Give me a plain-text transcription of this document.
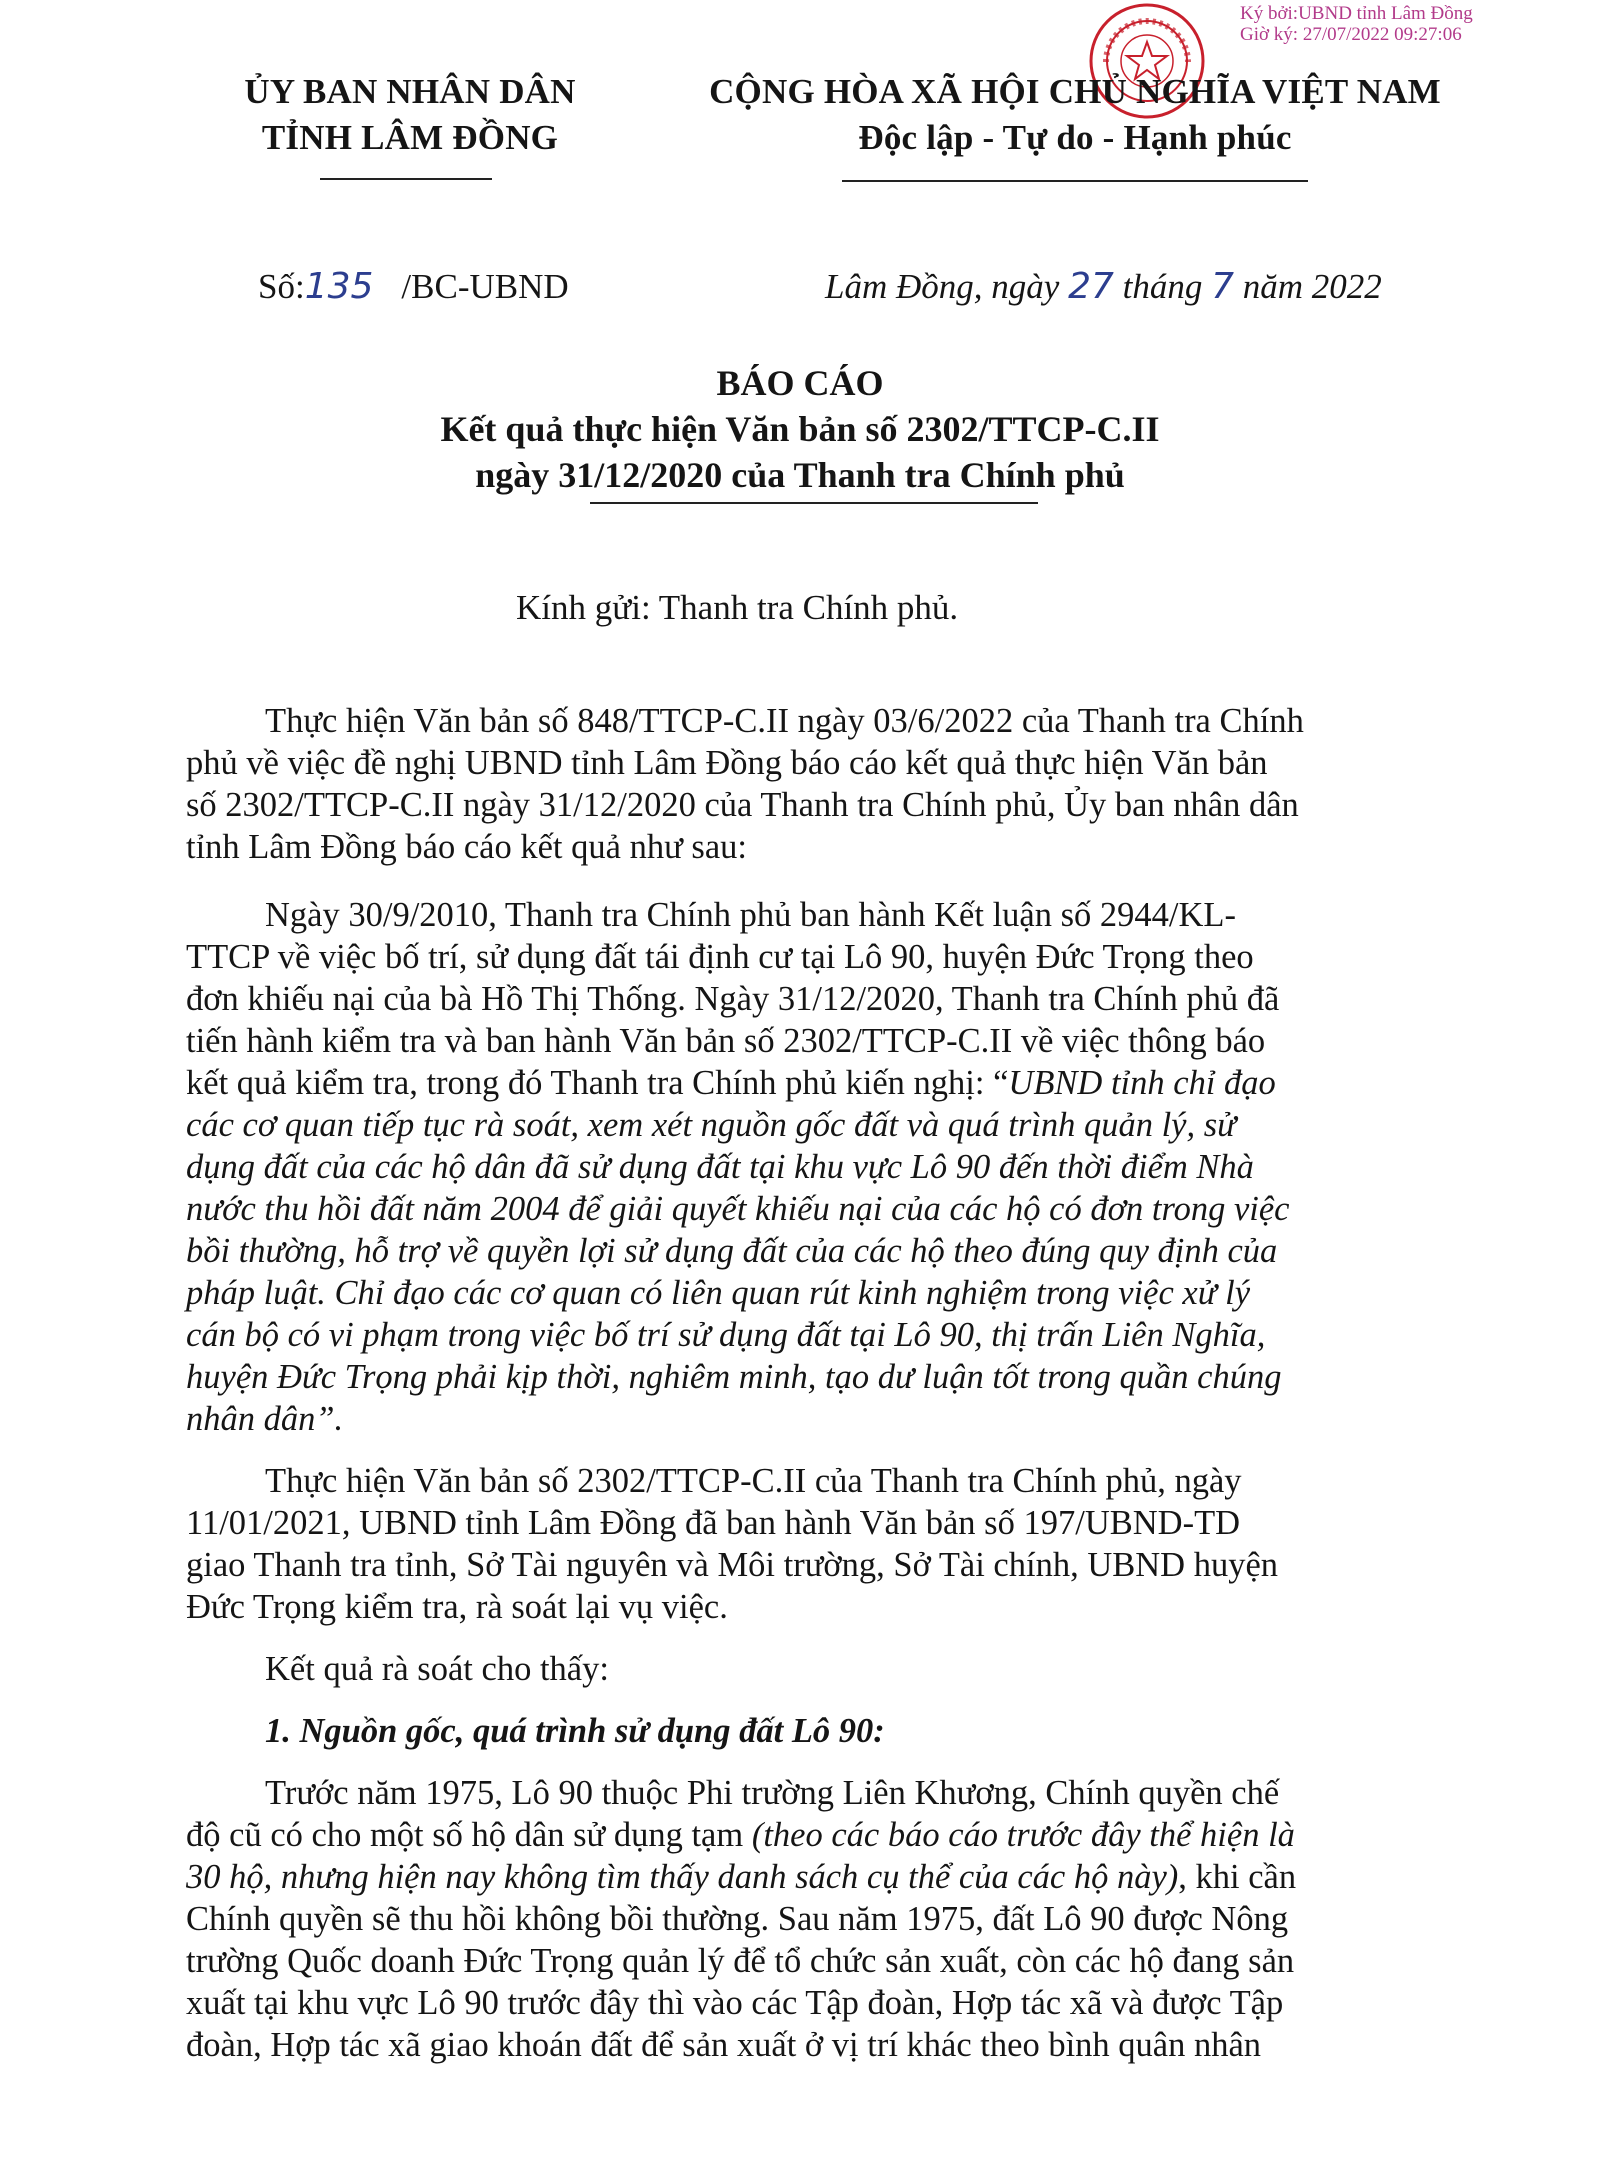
Ký bởi:UBND tỉnh Lâm Đồng
Giờ ký: 27/07/2022 09:27:06
ỦY BAN NHÂN DÂN
TỈNH LÂM ĐỒNG
CỘNG HÒA XÃ HỘI CHỦ NGHĨA VIỆT NAM
Độc lập - Tự do - Hạnh phúc
Số:135 /BC-UBND	Lâm Đồng, ngày 27 tháng 7 năm 2022
BÁO CÁO
Kết quả thực hiện Văn bản số 2302/TTCP-C.II
ngày 31/12/2020 của Thanh tra Chính phủ
Kính gửi: Thanh tra Chính phủ.
Thực hiện Văn bản số 848/TTCP-C.II ngày 03/6/2022 của Thanh tra Chính
phủ về việc đề nghị UBND tỉnh Lâm Đồng báo cáo kết quả thực hiện Văn bản
số 2302/TTCP-C.II ngày 31/12/2020 của Thanh tra Chính phủ, Ủy ban nhân dân
tỉnh Lâm Đồng báo cáo kết quả như sau:
Ngày 30/9/2010, Thanh tra Chính phủ ban hành Kết luận số 2944/KL-
TTCP về việc bố trí, sử dụng đất tái định cư tại Lô 90, huyện Đức Trọng theo
đơn khiếu nại của bà Hồ Thị Thống. Ngày 31/12/2020, Thanh tra Chính phủ đã
tiến hành kiểm tra và ban hành Văn bản số 2302/TTCP-C.II về việc thông báo
kết quả kiểm tra, trong đó Thanh tra Chính phủ kiến nghị: “UBND tỉnh chỉ đạo
các cơ quan tiếp tục rà soát, xem xét nguồn gốc đất và quá trình quản lý, sử
dụng đất của các hộ dân đã sử dụng đất tại khu vực Lô 90 đến thời điểm Nhà
nước thu hồi đất năm 2004 để giải quyết khiếu nại của các hộ có đơn trong việc
bồi thường, hỗ trợ về quyền lợi sử dụng đất của các hộ theo đúng quy định của
pháp luật. Chỉ đạo các cơ quan có liên quan rút kinh nghiệm trong việc xử lý
cán bộ có vi phạm trong việc bố trí sử dụng đất tại Lô 90, thị trấn Liên Nghĩa,
huyện Đức Trọng phải kịp thời, nghiêm minh, tạo dư luận tốt trong quần chúng
nhân dân”.
Thực hiện Văn bản số 2302/TTCP-C.II của Thanh tra Chính phủ, ngày
11/01/2021, UBND tỉnh Lâm Đồng đã ban hành Văn bản số 197/UBND-TD
giao Thanh tra tỉnh, Sở Tài nguyên và Môi trường, Sở Tài chính, UBND huyện
Đức Trọng kiểm tra, rà soát lại vụ việc.
Kết quả rà soát cho thấy:
1. Nguồn gốc, quá trình sử dụng đất Lô 90:
Trước năm 1975, Lô 90 thuộc Phi trường Liên Khương, Chính quyền chế
độ cũ có cho một số hộ dân sử dụng tạm (theo các báo cáo trước đây thể hiện là
30 hộ, nhưng hiện nay không tìm thấy danh sách cụ thể của các hộ này), khi cần
Chính quyền sẽ thu hồi không bồi thường. Sau năm 1975, đất Lô 90 được Nông
trường Quốc doanh Đức Trọng quản lý để tổ chức sản xuất, còn các hộ đang sản
xuất tại khu vực Lô 90 trước đây thì vào các Tập đoàn, Hợp tác xã và được Tập
đoàn, Hợp tác xã giao khoán đất để sản xuất ở vị trí khác theo bình quân nhân
